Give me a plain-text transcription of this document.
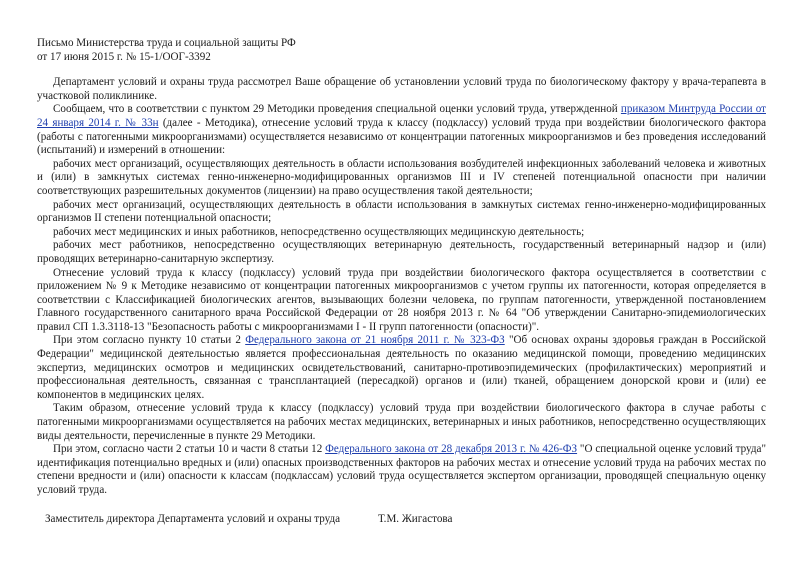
Письмо Министерства труда и социальной защиты РФ
от 17 июня 2015 г. № 15-1/ООГ-3392

Департамент условий и охраны труда рассмотрел Ваше обращение об установлении условий труда по биологическому фактору у врача-терапевта в участковой поликлинике.

Сообщаем, что в соответствии с пунктом 29 Методики проведения специальной оценки условий труда, утвержденной приказом Минтруда России от 24 января 2014 г. № 33н (далее - Методика), отнесение условий труда к классу (подклассу) условий труда при воздействии биологического фактора (работы с патогенными микроорганизмами) осуществляется независимо от концентрации патогенных микроорганизмов и без проведения исследований (испытаний) и измерений в отношении:

рабочих мест организаций, осуществляющих деятельность в области использования возбудителей инфекционных заболеваний человека и животных и (или) в замкнутых системах генно-инженерно-модифицированных организмов III и IV степеней потенциальной опасности при наличии соответствующих разрешительных документов (лицензии) на право осуществления такой деятельности;

рабочих мест организаций, осуществляющих деятельность в области использования в замкнутых системах генно-инженерно-модифицированных организмов II степени потенциальной опасности;

рабочих мест медицинских и иных работников, непосредственно осуществляющих медицинскую деятельность;

рабочих мест работников, непосредственно осуществляющих ветеринарную деятельность, государственный ветеринарный надзор и (или) проводящих ветеринарно-санитарную экспертизу.

Отнесение условий труда к классу (подклассу) условий труда при воздействии биологического фактора осуществляется в соответствии с приложением № 9 к Методике независимо от концентрации патогенных микроорганизмов с учетом группы их патогенности, которая определяется в соответствии с Классификацией биологических агентов, вызывающих болезни человека, по группам патогенности, утвержденной постановлением Главного государственного санитарного врача Российской Федерации от 28 ноября 2013 г. № 64 "Об утверждении Санитарно-эпидемиологических правил СП 1.3.3118-13 "Безопасность работы с микроорганизмами I - II групп патогенности (опасности)".

При этом согласно пункту 10 статьи 2 Федерального закона от 21 ноября 2011 г. № 323-ФЗ "Об основах охраны здоровья граждан в Российской Федерации" медицинской деятельностью является профессиональная деятельность по оказанию медицинской помощи, проведению медицинских экспертиз, медицинских осмотров и медицинских освидетельствований, санитарно-противоэпидемических (профилактических) мероприятий и профессиональная деятельность, связанная с трансплантацией (пересадкой) органов и (или) тканей, обращением донорской крови и (или) ее компонентов в медицинских целях.

Таким образом, отнесение условий труда к классу (подклассу) условий труда при воздействии биологического фактора в случае работы с патогенными микроорганизмами осуществляется на рабочих местах медицинских, ветеринарных и иных работников, непосредственно осуществляющих виды деятельности, перечисленные в пункте 29 Методики.

При этом, согласно части 2 статьи 10 и части 8 статьи 12 Федерального закона от 28 декабря 2013 г. № 426-ФЗ "О специальной оценке условий труда" идентификация потенциально вредных и (или) опасных производственных факторов на рабочих местах и отнесение условий труда на рабочих местах по степени вредности и (или) опасности к классам (подклассам) условий труда осуществляется экспертом организации, проводящей специальную оценку условий труда.

Заместитель директора Департамента условий и охраны труда	Т.М. Жигастова
